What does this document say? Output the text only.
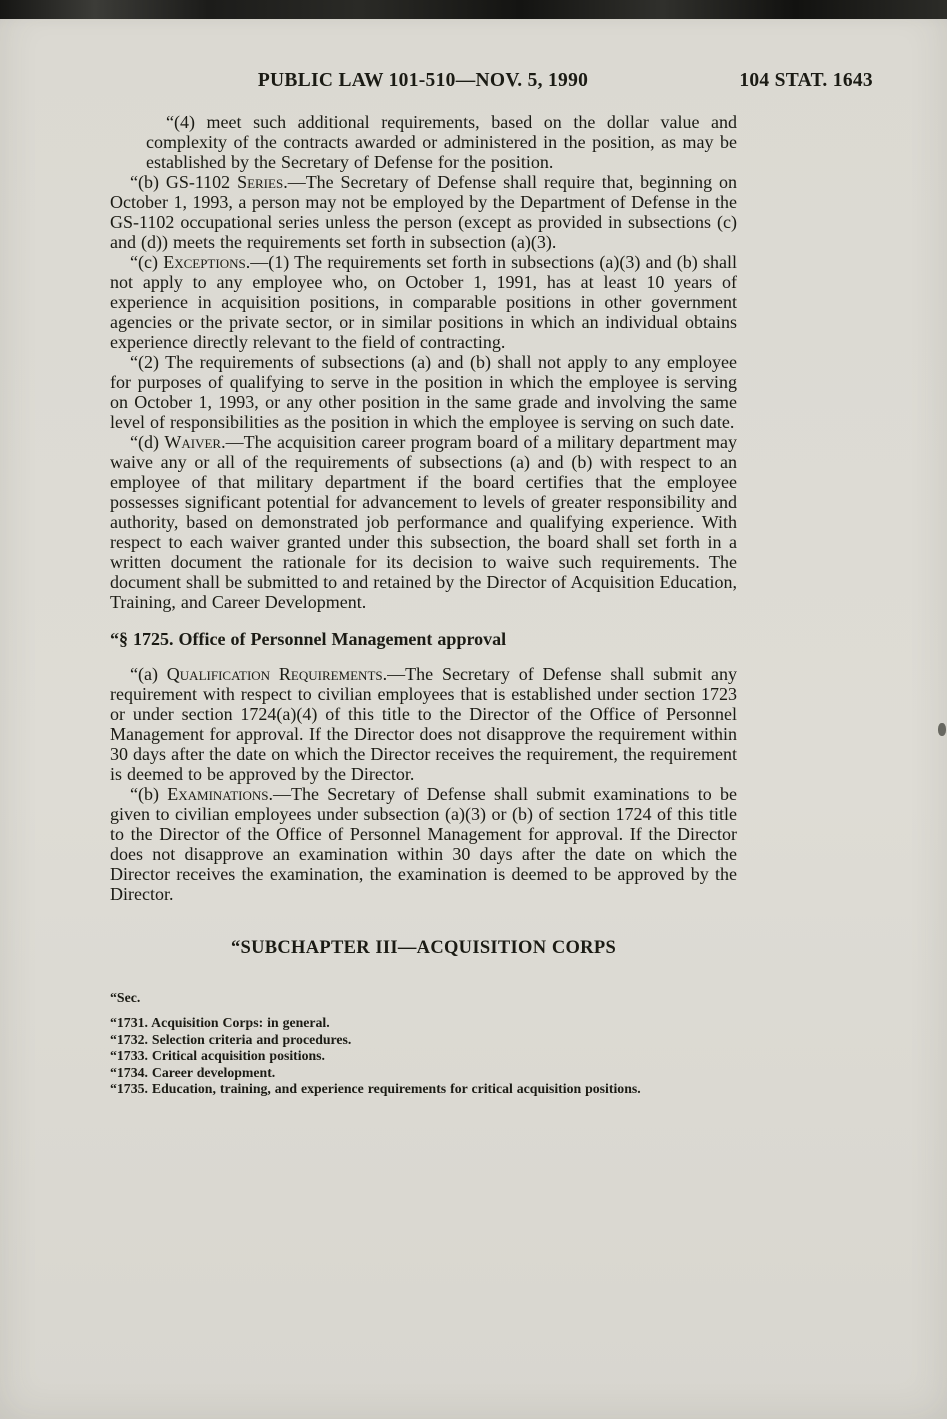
PUBLIC LAW 101-510—NOV. 5, 1990	104 STAT. 1643

“(4) meet such additional requirements, based on the dollar value and complexity of the contracts awarded or administered in the position, as may be established by the Secretary of Defense for the position.

“(b) GS-1102 Series.—The Secretary of Defense shall require that, beginning on October 1, 1993, a person may not be employed by the Department of Defense in the GS-1102 occupational series unless the person (except as provided in subsections (c) and (d)) meets the requirements set forth in subsection (a)(3).

“(c) Exceptions.—(1) The requirements set forth in subsections (a)(3) and (b) shall not apply to any employee who, on October 1, 1991, has at least 10 years of experience in acquisition positions, in comparable positions in other government agencies or the private sector, or in similar positions in which an individual obtains experience directly relevant to the field of contracting.

“(2) The requirements of subsections (a) and (b) shall not apply to any employee for purposes of qualifying to serve in the position in which the employee is serving on October 1, 1993, or any other position in the same grade and involving the same level of responsibilities as the position in which the employee is serving on such date.

“(d) Waiver.—The acquisition career program board of a military department may waive any or all of the requirements of subsections (a) and (b) with respect to an employee of that military department if the board certifies that the employee possesses significant potential for advancement to levels of greater responsibility and authority, based on demonstrated job performance and qualifying experience. With respect to each waiver granted under this subsection, the board shall set forth in a written document the rationale for its decision to waive such requirements. The document shall be submitted to and retained by the Director of Acquisition Education, Training, and Career Development.

“§ 1725. Office of Personnel Management approval

“(a) Qualification Requirements.—The Secretary of Defense shall submit any requirement with respect to civilian employees that is established under section 1723 or under section 1724(a)(4) of this title to the Director of the Office of Personnel Management for approval. If the Director does not disapprove the requirement within 30 days after the date on which the Director receives the requirement, the requirement is deemed to be approved by the Director.

“(b) Examinations.—The Secretary of Defense shall submit examinations to be given to civilian employees under subsection (a)(3) or (b) of section 1724 of this title to the Director of the Office of Personnel Management for approval. If the Director does not disapprove an examination within 30 days after the date on which the Director receives the examination, the examination is deemed to be approved by the Director.

“SUBCHAPTER III—ACQUISITION CORPS
“Sec.
“1731. Acquisition Corps: in general.
“1732. Selection criteria and procedures.
“1733. Critical acquisition positions.
“1734. Career development.
“1735. Education, training, and experience requirements for critical acquisition positions.
